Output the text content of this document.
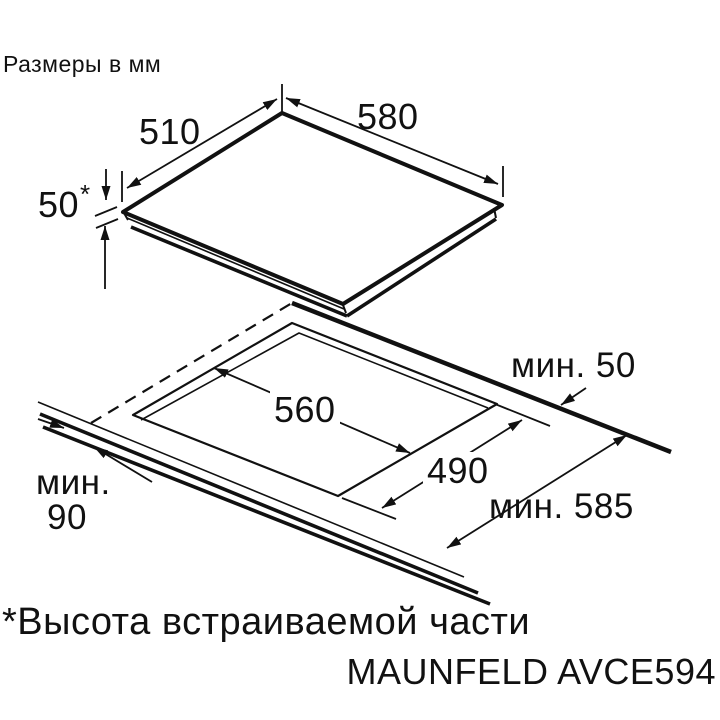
Размеры в мм
580
510
50*
560
490
мин. 50
мин. 585
мин.
90
*Высота встраиваемой части
MAUNFELD AVCE594
